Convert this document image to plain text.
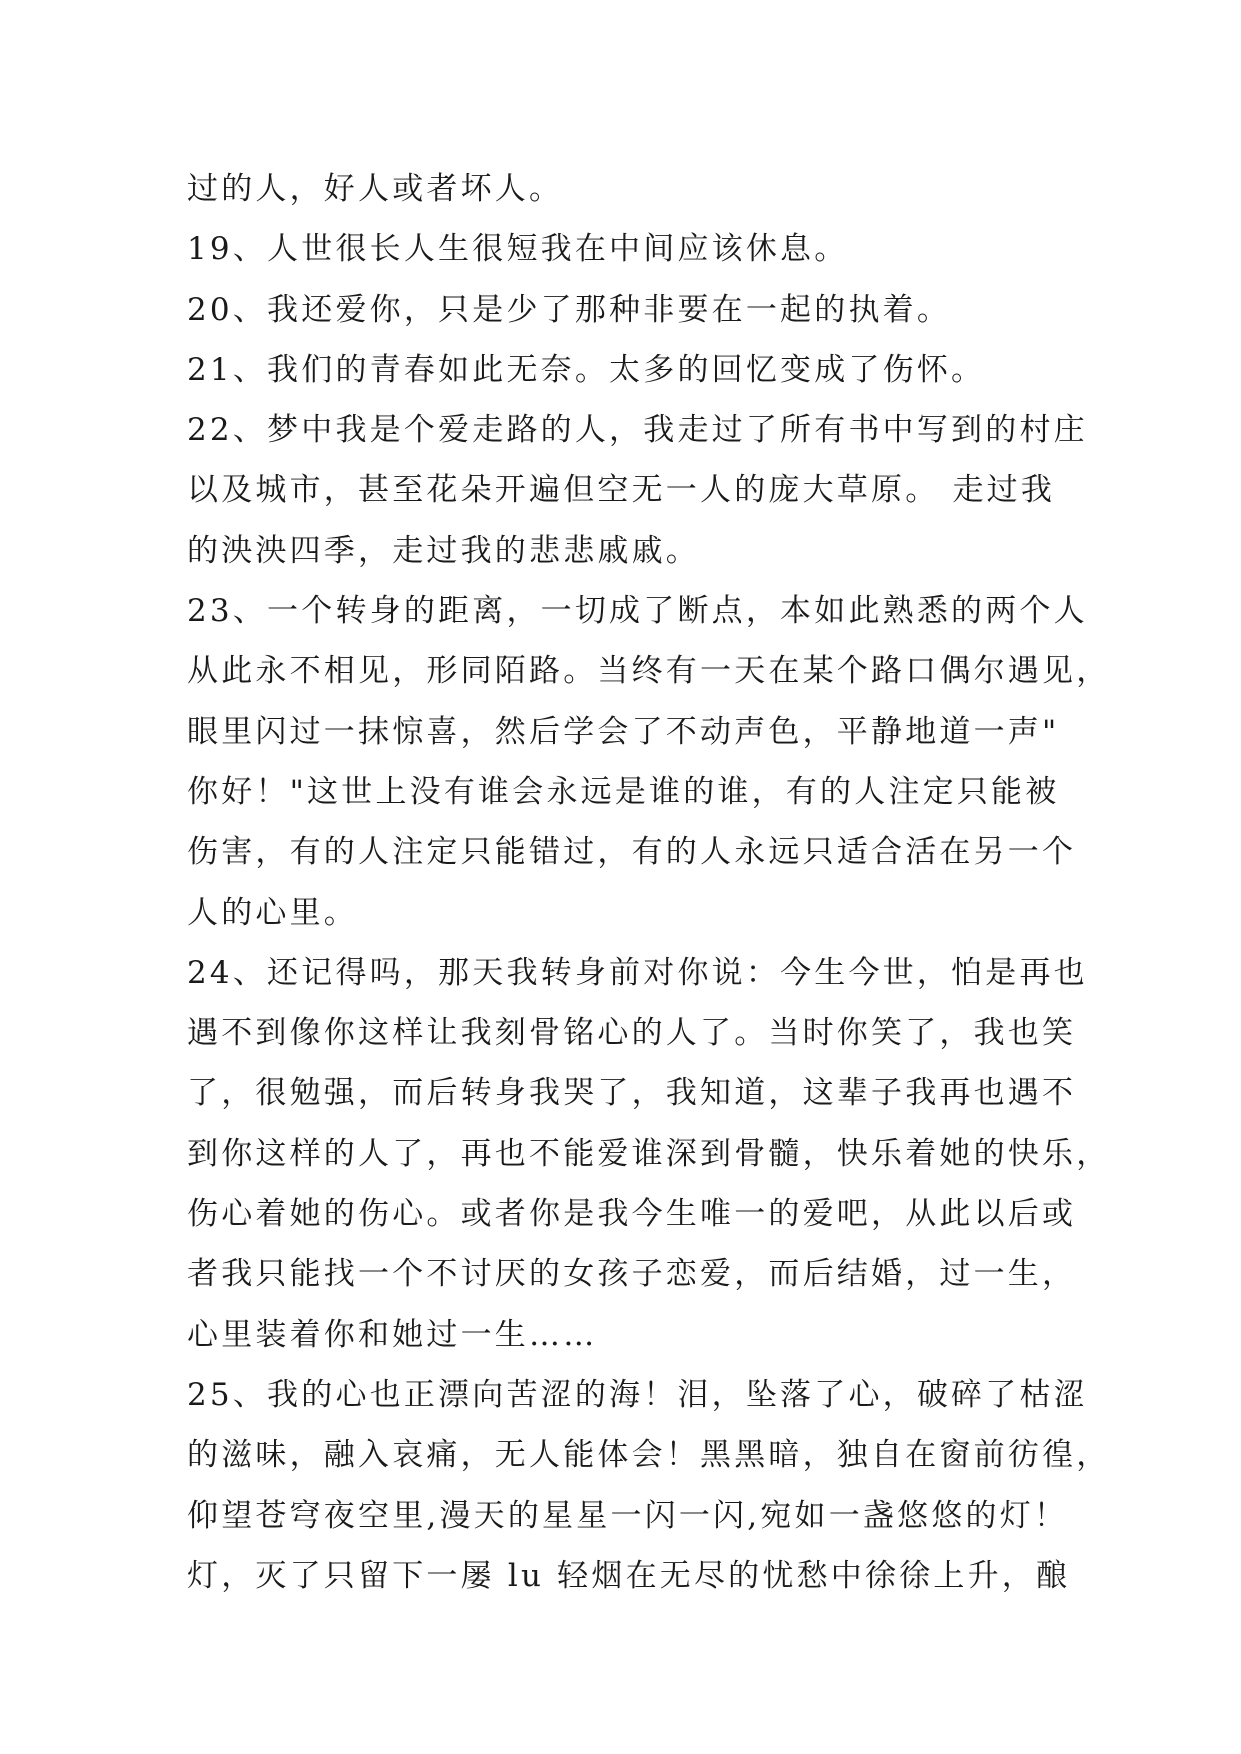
过的人，好人或者坏人。
19、人世很长人生很短我在中间应该休息。
20、我还爱你，只是少了那种非要在一起的执着。
21、我们的青春如此无奈。太多的回忆变成了伤怀。
22、梦中我是个爱走路的人，我走过了所有书中写到的村庄
以及城市，甚至花朵开遍但空无一人的庞大草原。 走过我
的泱泱四季，走过我的悲悲戚戚。
23、一个转身的距离，一切成了断点，本如此熟悉的两个人
从此永不相见，形同陌路。当终有一天在某个路口偶尔遇见，
眼里闪过一抹惊喜，然后学会了不动声色，平静地道一声"
你好！"这世上没有谁会永远是谁的谁，有的人注定只能被
伤害，有的人注定只能错过，有的人永远只适合活在另一个
人的心里。
24、还记得吗，那天我转身前对你说：今生今世，怕是再也
遇不到像你这样让我刻骨铭心的人了。当时你笑了，我也笑
了，很勉强，而后转身我哭了，我知道，这辈子我再也遇不
到你这样的人了，再也不能爱谁深到骨髓，快乐着她的快乐，
伤心着她的伤心。或者你是我今生唯一的爱吧，从此以后或
者我只能找一个不讨厌的女孩子恋爱，而后结婚，过一生，
心里装着你和她过一生……
25、我的心也正漂向苦涩的海！泪，坠落了心，破碎了枯涩
的滋味，融入哀痛，无人能体会！黑黑暗，独自在窗前彷徨，
仰望苍穹夜空里,漫天的星星一闪一闪,宛如一盏悠悠的灯！
灯，灭了只留下一屡 lu 轻烟在无尽的忧愁中徐徐上升，酿
